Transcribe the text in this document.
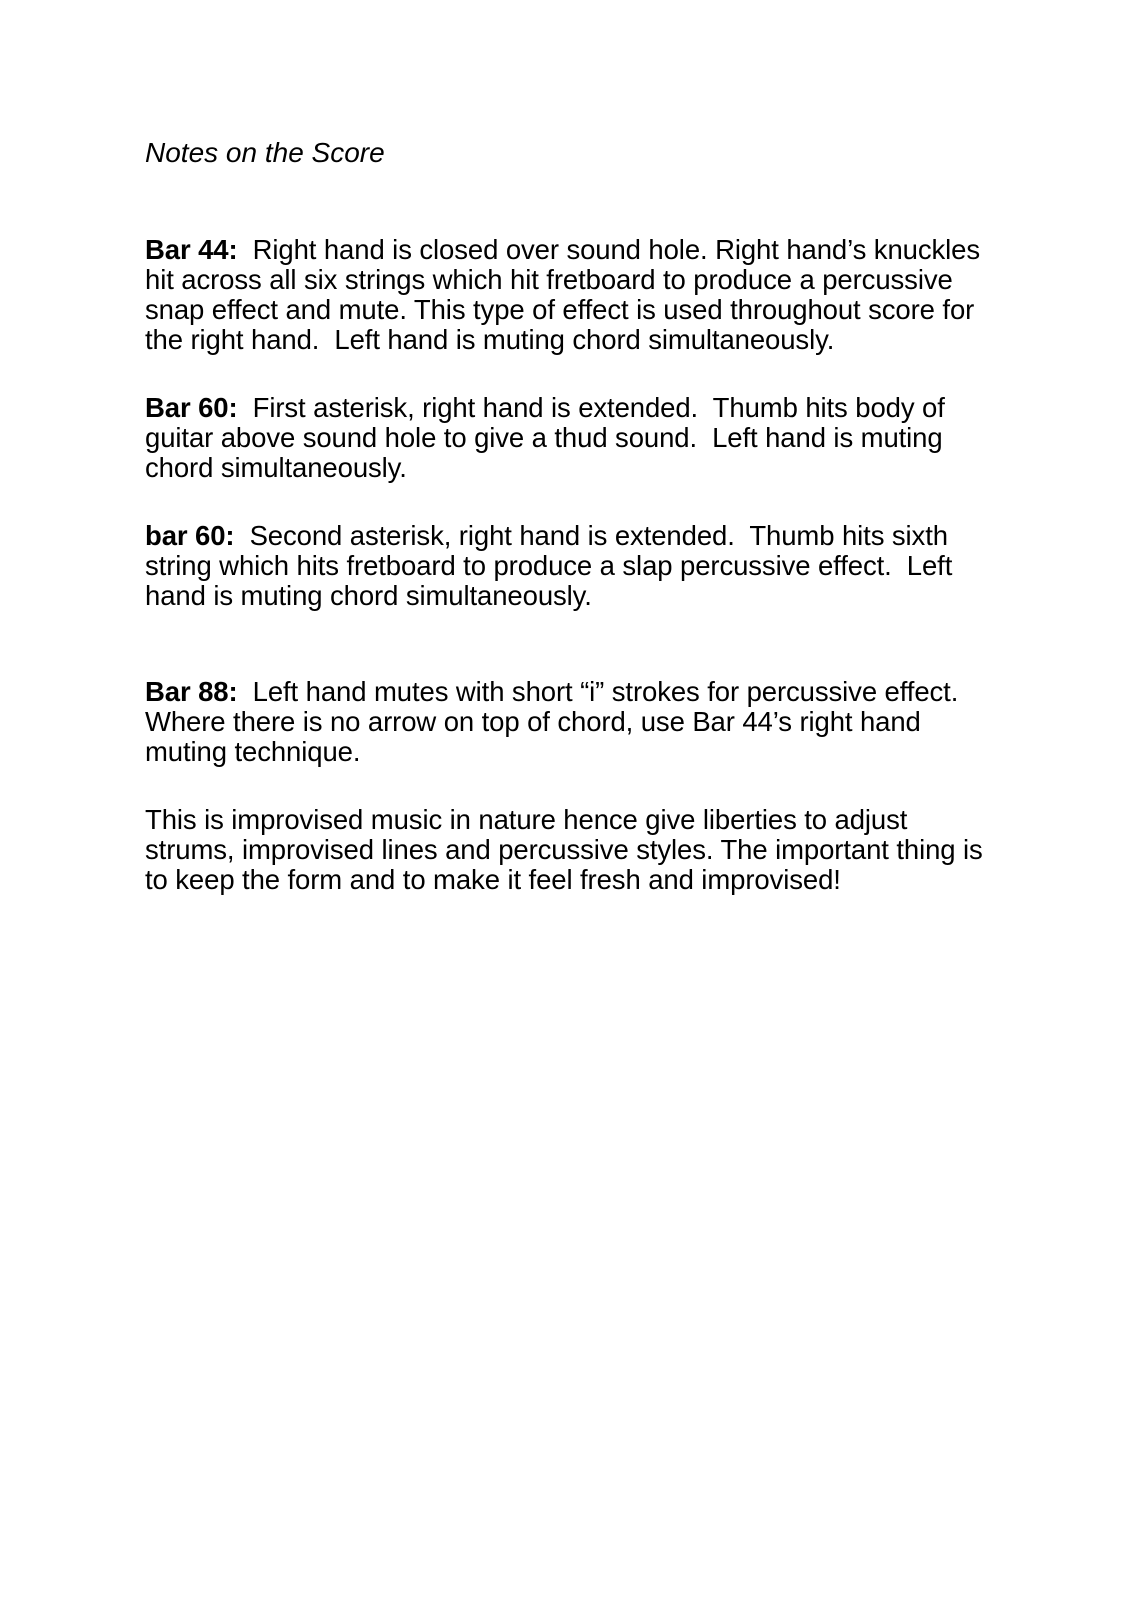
Notes on the Score

Bar 44:  Right hand is closed over sound hole. Right hand’s knuckles hit across all six strings which hit fretboard to produce a percussive snap effect and mute. This type of effect is used throughout score for the right hand.  Left hand is muting chord simultaneously.

Bar 60:  First asterisk, right hand is extended.  Thumb hits body of guitar above sound hole to give a thud sound.  Left hand is muting chord simultaneously.

bar 60:  Second asterisk, right hand is extended.  Thumb hits sixth string which hits fretboard to produce a slap percussive effect.  Left hand is muting chord simultaneously.

Bar 88:  Left hand mutes with short “i” strokes for percussive effect. Where there is no arrow on top of chord, use Bar 44’s right hand muting technique.

This is improvised music in nature hence give liberties to adjust strums, improvised lines and percussive styles. The important thing is to keep the form and to make it feel fresh and improvised!
